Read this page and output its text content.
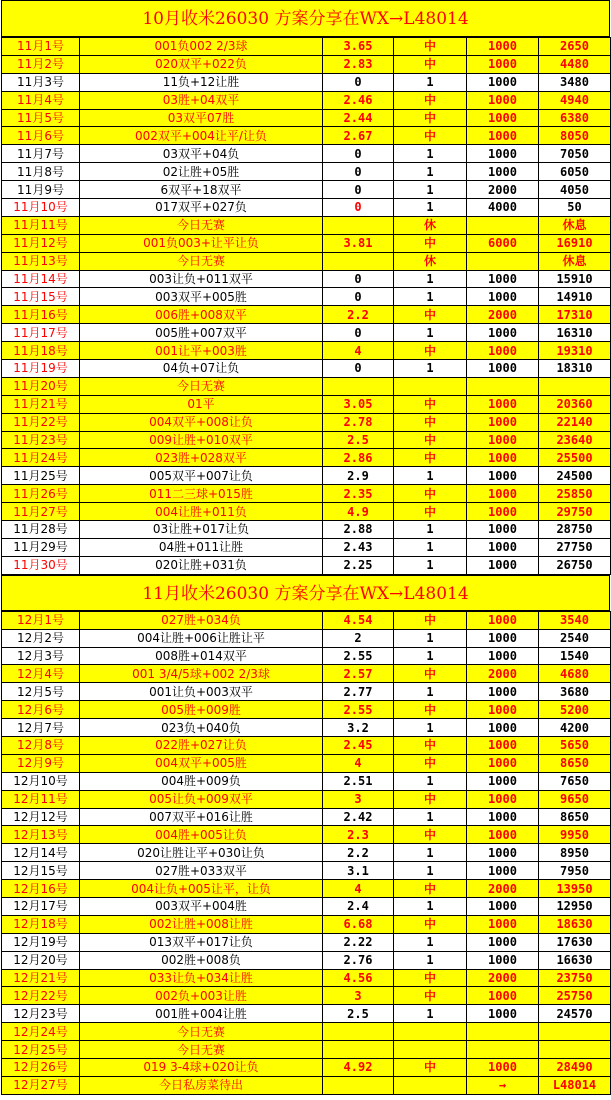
10月收米26030 方案分享在WX→L48014
11月1号	001负002 2/3球	3.65	中	1000	2650
11月2号	020双平+022负	2.83	中	1000	4480
11月3号	11负+12让胜	0	1	1000	3480
11月4号	03胜+04双平	2.46	中	1000	4940
11月5号	03双平07胜	2.44	中	1000	6380
11月6号	002双平+004让平/让负	2.67	中	1000	8050
11月7号	03双平+04负	0	1	1000	7050
11月8号	02让胜+05胜	0	1	1000	6050
11月9号	6双平+18双平	0	1	2000	4050
11月10号	017双平+027负	0	1	4000	50
11月11号	今日无赛		休		休息
11月12号	001负003+让平让负	3.81	中	6000	16910
11月13号	今日无赛		休		休息
11月14号	003让负+011双平	0	1	1000	15910
11月15号	003双平+005胜	0	1	1000	14910
11月16号	006胜+008双平	2.2	中	2000	17310
11月17号	005胜+007双平	0	1	1000	16310
11月18号	001让平+003胜	4	中	1000	19310
11月19号	04负+07让负	0	1	1000	18310
11月20号	今日无赛				
11月21号	01平	3.05	中	1000	20360
11月22号	004双平+008让负	2.78	中	1000	22140
11月23号	009让胜+010双平	2.5	中	1000	23640
11月24号	023胜+028双平	2.86	中	1000	25500
11月25号	005双平+007让负	2.9	1	1000	24500
11月26号	011二三球+015胜	2.35	中	1000	25850
11月27号	004让胜+011负	4.9	中	1000	29750
11月28号	03让胜+017让负	2.88	1	1000	28750
11月29号	04胜+011让胜	2.43	1	1000	27750
11月30号	020让胜+031负	2.25	1	1000	26750
11月收米26030 方案分享在WX→L48014
12月1号	027胜+034负	4.54	中	1000	3540
12月2号	004让胜+006让胜让平	2	1	1000	2540
12月3号	008胜+014双平	2.55	1	1000	1540
12月4号	001 3/4/5球+002 2/3球	2.57	中	2000	4680
12月5号	001让负+003双平	2.77	1	1000	3680
12月6号	005胜+009胜	2.55	中	1000	5200
12月7号	023负+040负	3.2	1	1000	4200
12月8号	022胜+027让负	2.45	中	1000	5650
12月9号	004双平+005胜	4	中	1000	8650
12月10号	004胜+009负	2.51	1	1000	7650
12月11号	005让负+009双平	3	中	1000	9650
12月12号	007双平+016让胜	2.42	1	1000	8650
12月13号	004胜+005让负	2.3	中	1000	9950
12月14号	020让胜让平+030让负	2.2	1	1000	8950
12月15号	027胜+033双平	3.1	1	1000	7950
12月16号	004让负+005让平，让负	4	中	2000	13950
12月17号	003双平+004胜	2.4	1	1000	12950
12月18号	002让胜+008让胜	6.68	中	1000	18630
12月19号	013双平+017让负	2.22	1	1000	17630
12月20号	002胜+008负	2.76	1	1000	16630
12月21号	033让负+034让胜	4.56	中	2000	23750
12月22号	002负+003让胜	3	中	1000	25750
12月23号	001胜+004让胜	2.5	1	1000	24570
12月24号	今日无赛				
12月25号	今日无赛				
12月26号	019 3-4球+020让负	4.92	中	1000	28490
12月27号	今日私房菜待出			→	L48014
